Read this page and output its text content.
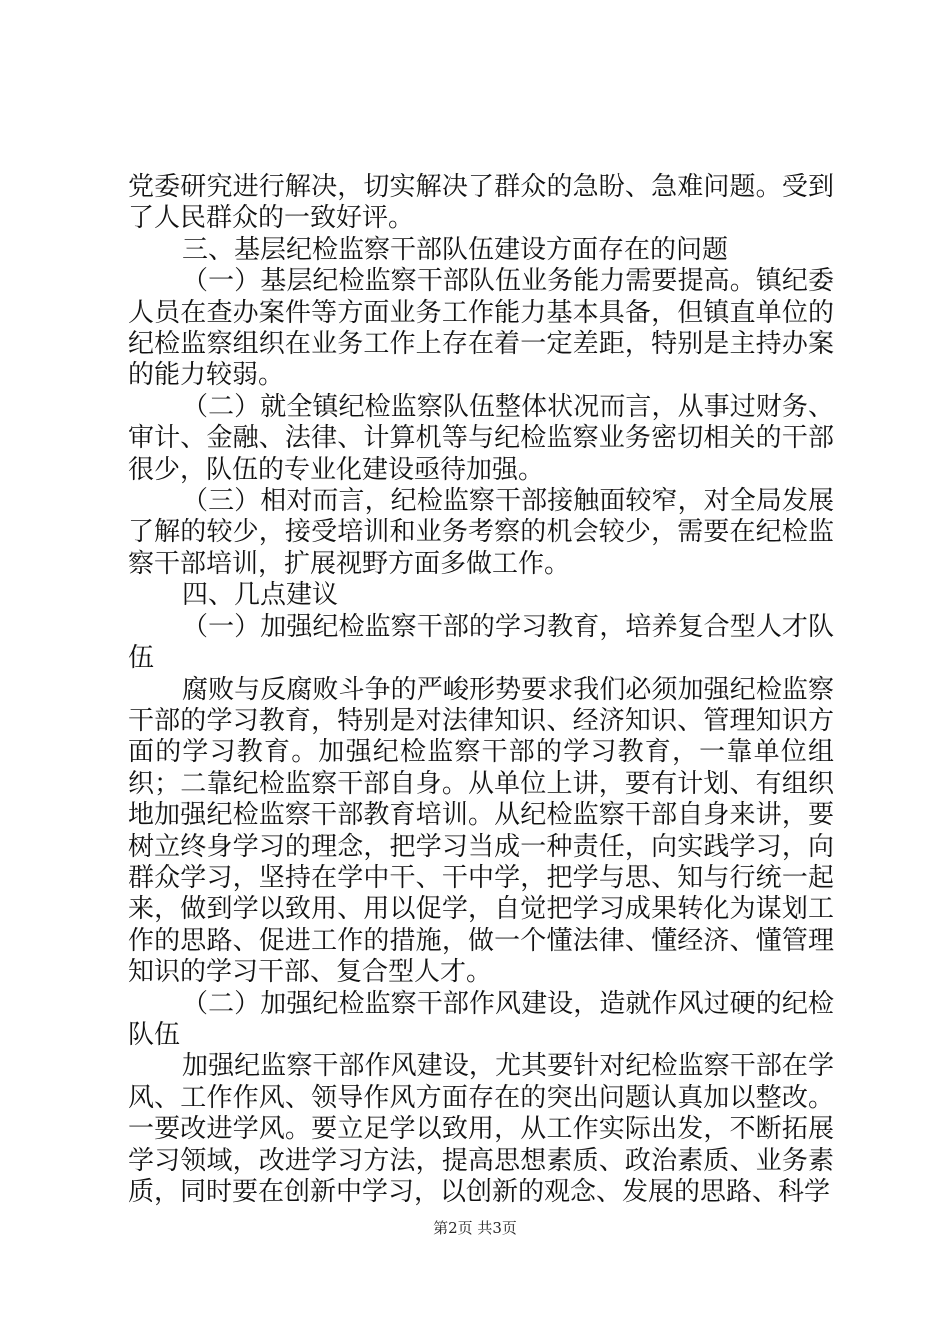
党委研究进行解决，切实解决了群众的急盼、急难问题。受到了人民群众的一致好评。

三、基层纪检监察干部队伍建设方面存在的问题

（一）基层纪检监察干部队伍业务能力需要提高。镇纪委人员在查办案件等方面业务工作能力基本具备，但镇直单位的纪检监察组织在业务工作上存在着一定差距，特别是主持办案的能力较弱。

（二）就全镇纪检监察队伍整体状况而言，从事过财务、审计、金融、法律、计算机等与纪检监察业务密切相关的干部很少，队伍的专业化建设亟待加强。

（三）相对而言，纪检监察干部接触面较窄，对全局发展了解的较少，接受培训和业务考察的机会较少，需要在纪检监察干部培训，扩展视野方面多做工作。

四、几点建议

（一）加强纪检监察干部的学习教育，培养复合型人才队伍

腐败与反腐败斗争的严峻形势要求我们必须加强纪检监察干部的学习教育，特别是对法律知识、经济知识、管理知识方面的学习教育。加强纪检监察干部的学习教育，一靠单位组织；二靠纪检监察干部自身。从单位上讲，要有计划、有组织地加强纪检监察干部教育培训。从纪检监察干部自身来讲，要树立终身学习的理念，把学习当成一种责任，向实践学习，向群众学习，坚持在学中干、干中学，把学与思、知与行统一起来，做到学以致用、用以促学，自觉把学习成果转化为谋划工作的思路、促进工作的措施，做一个懂法律、懂经济、懂管理知识的学习干部、复合型人才。

（二）加强纪检监察干部作风建设，造就作风过硬的纪检队伍

加强纪监察干部作风建设，尤其要针对纪检监察干部在学风、工作作风、领导作风方面存在的突出问题认真加以整改。一要改进学风。要立足学以致用，从工作实际出发，不断拓展学习领域，改进学习方法，提高思想素质、政治素质、业务素质，同时要在创新中学习，以创新的观念、发展的思路、科学

第2页 共3页
